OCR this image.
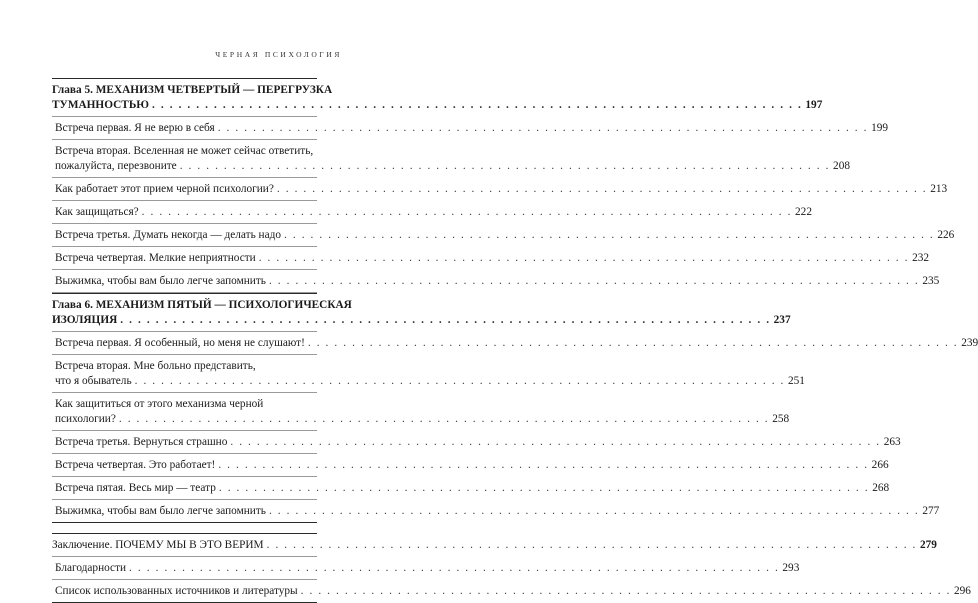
ЧЕРНАЯ ПСИХОЛОГИЯ
Глава 5. МЕХАНИЗМ ЧЕТВЕРТЫЙ — ПЕРЕГРУЗКА
ТУМАННОСТЬЮ . . .	197
Встреча первая. Я не верю в себя . . .	199
Встреча вторая. Вселенная не может сейчас ответить,
пожалуйста, перезвоните . . .	208
Как работает этот прием черной психологии? . . .	213
Как защищаться? . . .	222
Встреча третья. Думать некогда — делать надо . . .	226
Встреча четвертая. Мелкие неприятности . . .	232
Выжимка, чтобы вам было легче запомнить . . .	235
Глава 6. МЕХАНИЗМ ПЯТЫЙ — ПСИХОЛОГИЧЕСКАЯ
ИЗОЛЯЦИЯ . . .	237
Встреча первая. Я особенный, но меня не слушают! . . .	239
Встреча вторая. Мне больно представить,
что я обыватель . . .	251
Как защититься от этого механизма черной
психологии? . . .	258
Встреча третья. Вернуться страшно . . .	263
Встреча четвертая. Это работает! . . .	266
Встреча пятая. Весь мир — театр . . .	268
Выжимка, чтобы вам было легче запомнить . . .	277
Заключение. ПОЧЕМУ МЫ В ЭТО ВЕРИМ . . .	279
Благодарности . . .	293
Список использованных источников и литературы . . .	296
